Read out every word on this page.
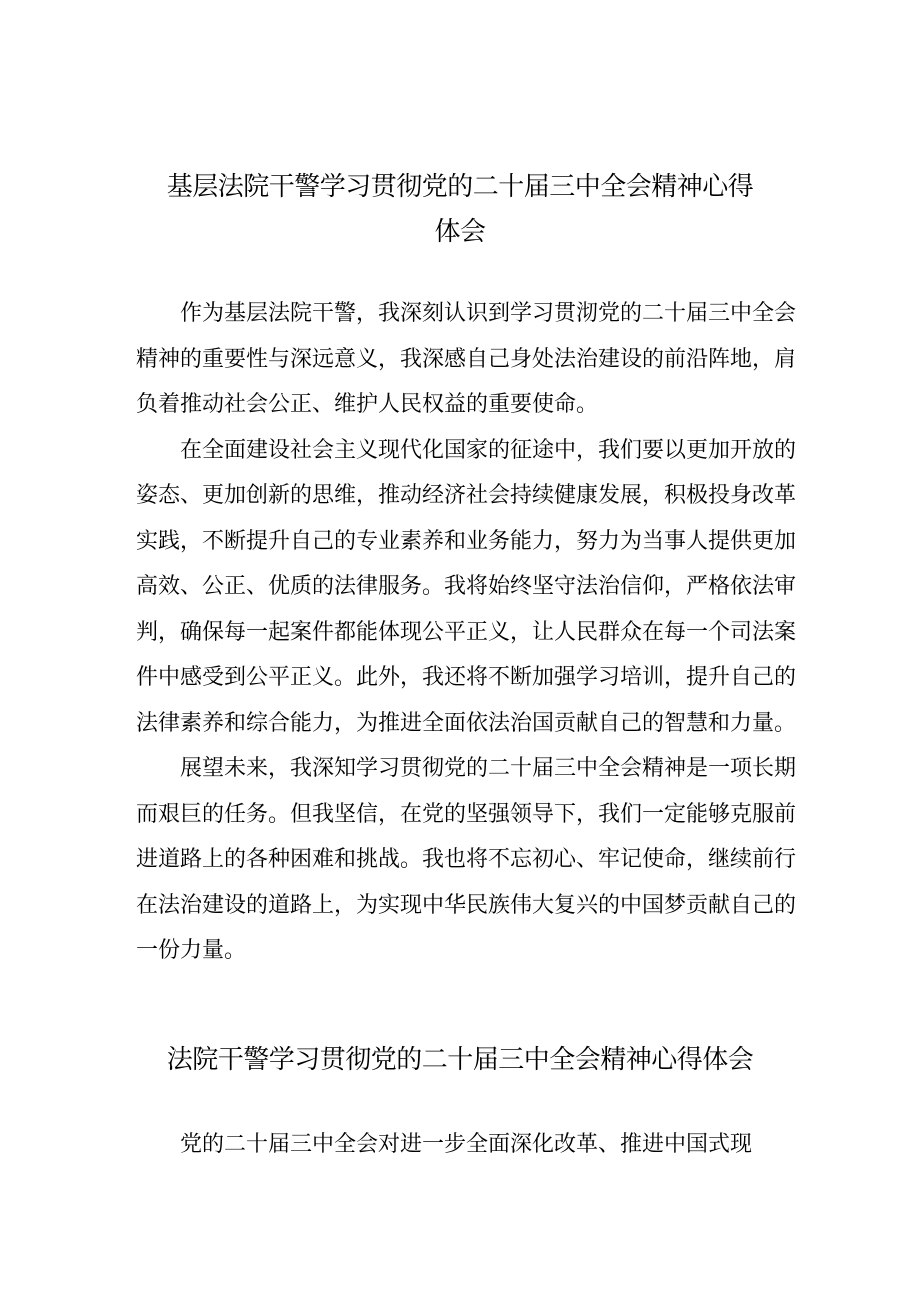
基层法院干警学习贯彻党的二十届三中全会精神心得
体会

作为基层法院干警，我深刻认识到学习贯沏党的二十届三中全会精神的重要性与深远意义，我深感自己身处法治建设的前沿阵地，肩负着推动社会公正、维护人民权益的重要使命。

在全面建设社会主义现代化国家的征途中，我们要以更加开放的姿态、更加创新的思维，推动经济社会持续健康发展，积极投身改革实践，不断提升自己的专业素养和业务能力，努力为当事人提供更加高效、公正、优质的法律服务。我将始终坚守法治信仰，严格依法审判，确保每一起案件都能体现公平正义，让人民群众在每一个司法案件中感受到公平正义。此外，我还将不断加强学习培训，提升自己的法律素养和综合能力，为推进全面依法治国贡献自己的智慧和力量。

展望未来，我深知学习贯彻党的二十届三中全会精神是一项长期而艰巨的任务。但我坚信，在党的坚强领导下，我们一定能够克服前进道路上的各种困难和挑战。我也将不忘初心、牢记使命，继续前行在法治建设的道路上，为实现中华民族伟大复兴的中国梦贡献自己的一份力量。

法院干警学习贯彻党的二十届三中全会精神心得体会

党的二十届三中全会对进一步全面深化改革、推进中国式现
